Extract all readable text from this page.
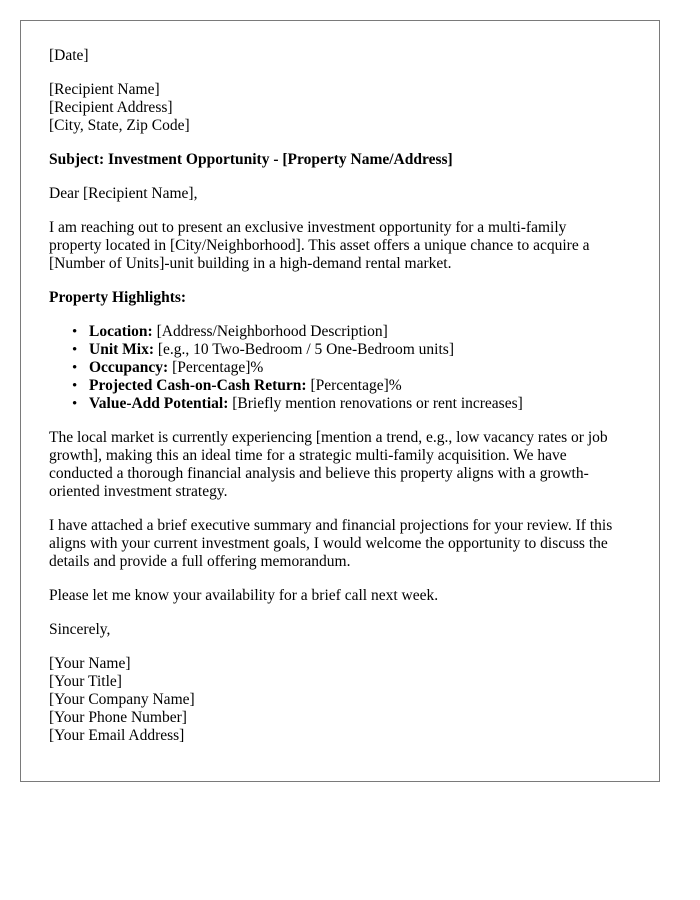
[Date]

[Recipient Name]
[Recipient Address]
[City, State, Zip Code]

Subject: Investment Opportunity - [Property Name/Address]

Dear [Recipient Name],

I am reaching out to present an exclusive investment opportunity for a multi-family
property located in [City/Neighborhood]. This asset offers a unique chance to acquire a
[Number of Units]-unit building in a high-demand rental market.

Property Highlights:

• Location: [Address/Neighborhood Description]
• Unit Mix: [e.g., 10 Two-Bedroom / 5 One-Bedroom units]
• Occupancy: [Percentage]%
• Projected Cash-on-Cash Return: [Percentage]%
• Value-Add Potential: [Briefly mention renovations or rent increases]

The local market is currently experiencing [mention a trend, e.g., low vacancy rates or job
growth], making this an ideal time for a strategic multi-family acquisition. We have
conducted a thorough financial analysis and believe this property aligns with a growth-
oriented investment strategy.

I have attached a brief executive summary and financial projections for your review. If this
aligns with your current investment goals, I would welcome the opportunity to discuss the
details and provide a full offering memorandum.

Please let me know your availability for a brief call next week.

Sincerely,

[Your Name]
[Your Title]
[Your Company Name]
[Your Phone Number]
[Your Email Address]
